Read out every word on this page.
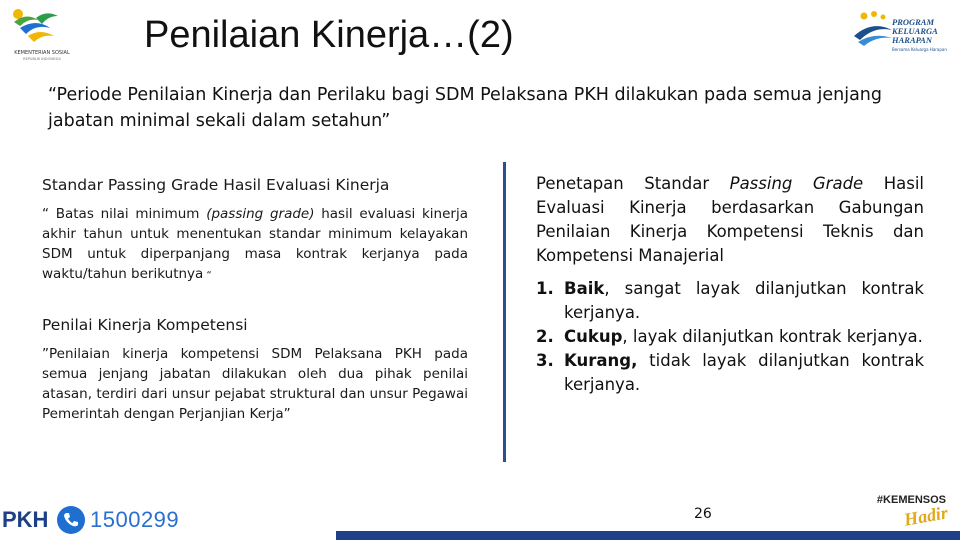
KEMENTERIAN SOSIAL
REPUBLIK INDONESIA
Penilaian Kinerja…(2)	PROGRAM
KELUARGA
HARAPAN
Bersama Keluarga Harapan
“Periode Penilaian Kinerja dan Perilaku bagi SDM Pelaksana PKH dilakukan pada semua jenjang jabatan minimal sekali dalam setahun”
Standar Passing Grade Hasil Evaluasi Kinerja
“ Batas nilai minimum (passing grade) hasil evaluasi kinerja akhir tahun untuk menentukan standar minimum kelayakan SDM untuk diperpanjang masa kontrak kerjanya pada waktu/tahun berikutnya “
Penilai Kinerja Kompetensi
”Penilaian kinerja kompetensi SDM Pelaksana PKH pada semua jenjang jabatan dilakukan oleh dua pihak penilai atasan, terdiri dari unsur pejabat struktural dan unsur Pegawai Pemerintah dengan Perjanjian Kerja”
Penetapan Standar Passing Grade Hasil Evaluasi Kinerja berdasarkan Gabungan Penilaian Kinerja Kompetensi Teknis dan Kompetensi Manajerial
1. Baik, sangat layak dilanjutkan kontrak kerjanya.
2. Cukup, layak dilanjutkan kontrak kerjanya.
3. Kurang, tidak layak dilanjutkan kontrak kerjanya.
PKH 1500299	26
#KEMENSOS
Hadir
